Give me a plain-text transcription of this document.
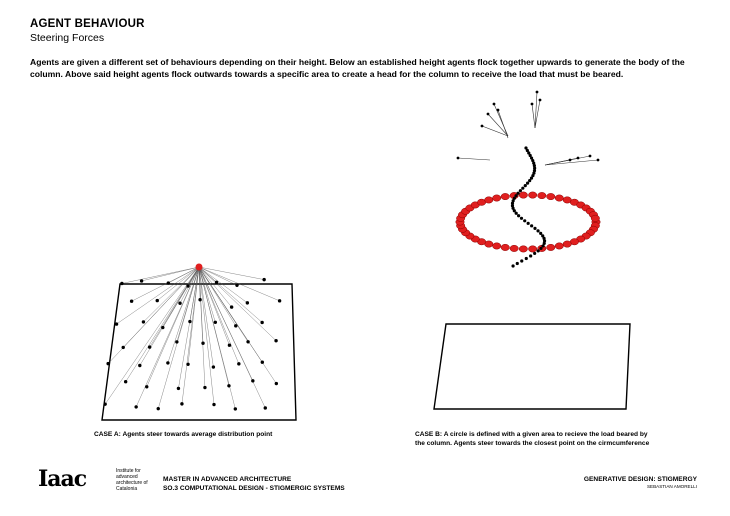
AGENT BEHAVIOUR
Steering Forces
Agents are given a different set of behaviours depending on their height. Below an established height agents flock together upwards to generate the body of the column. Above said height agents flock outwards towards a specific area to create a head for the column to receive the load that must be beared.
CASE A: Agents steer towards average distribution point	CASE B: A circle is defined with a given area to recieve the load beared by the column. Agents steer towards the closest point on the cirmcumference
Iaac	Institute for advanced architecture of Catalonia
MASTER IN ADVANCED ARCHITECTURE
SO.3 COMPUTATIONAL DESIGN - STIGMERGIC SYSTEMS
GENERATIVE DESIGN: STIGMERGY
SEBASTIAN AMORELLI
